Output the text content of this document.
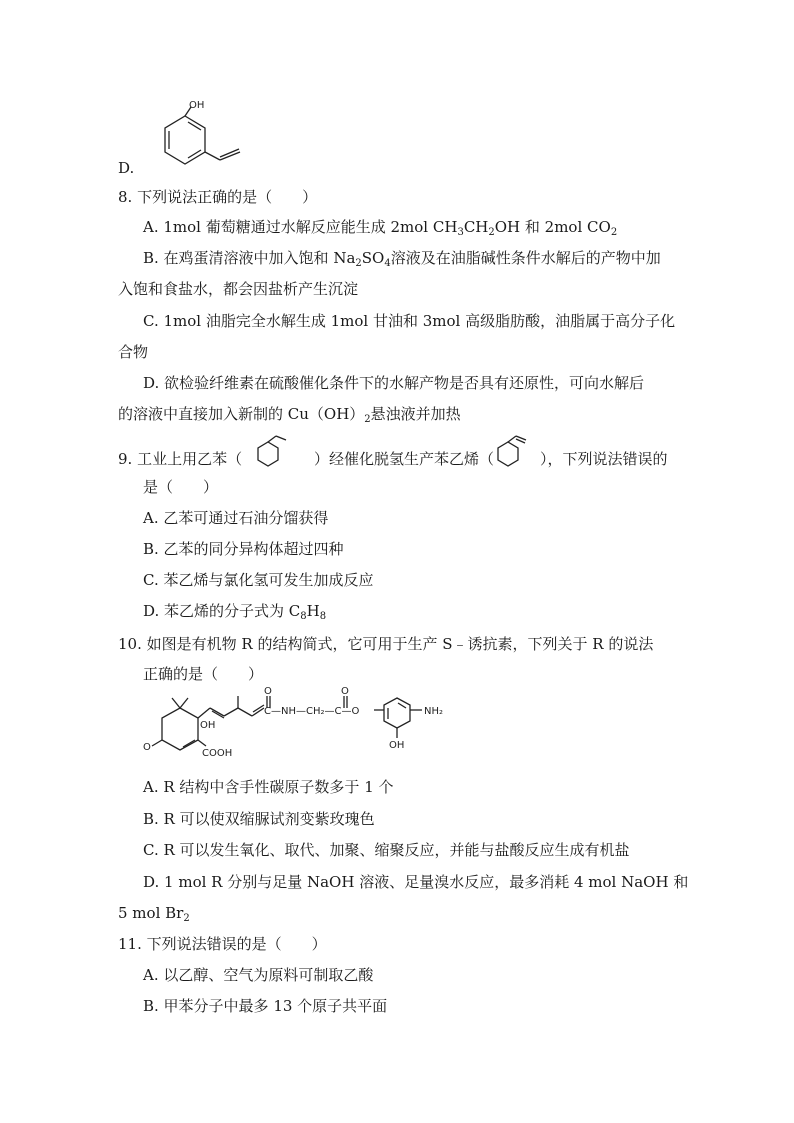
OH
D.
8. 下列说法正确的是（　　）
A. 1mol 葡萄糖通过水解反应能生成 2mol $CH_3CH_2OH$ 和 2mol $CO_2$
B. 在鸡蛋清溶液中加入饱和 $Na_2SO_4$溶液及在油脂碱性条件水解后的产物中加
入饱和食盐水，都会因盐析产生沉淀
C. 1mol 油脂完全水解生成 1mol 甘油和 3mol 高级脂肪酸，油脂属于高分子化
合物
D. 欲检验纤维素在硫酸催化条件下的水解产物是否具有还原性，可向水解后
的溶液中直接加入新制的 $Cu(OH)_2$悬浊液并加热
9. 工业上用乙苯（	）经催化脱氢生产苯乙烯（	），下列说法错误的
是（　　）
A. 乙苯可通过石油分馏获得
B. 乙苯的同分异构体超过四种
C. 苯乙烯与氯化氢可发生加成反应
D. 苯乙烯的分子式为 $C_8H_8$
10. 如图是有机物 R 的结构简式，它可用于生产 S﹣诱抗素，下列关于 R 的说法
正确的是（　　）
O
OH
COOH
O
C—NH—CH₂—C—O
O
NH₂
OH
A. R 结构中含手性碳原子数多于 1 个
B. R 可以使双缩脲试剂变紫玫瑰色
C. R 可以发生氧化、取代、加聚、缩聚反应，并能与盐酸反应生成有机盐
D. 1 mol R 分别与足量 NaOH 溶液、足量溴水反应，最多消耗 4 mol NaOH 和
5 mol $Br_2$
11. 下列说法错误的是（　　）
A. 以乙醇、空气为原料可制取乙酸
B. 甲苯分子中最多 13 个原子共平面
